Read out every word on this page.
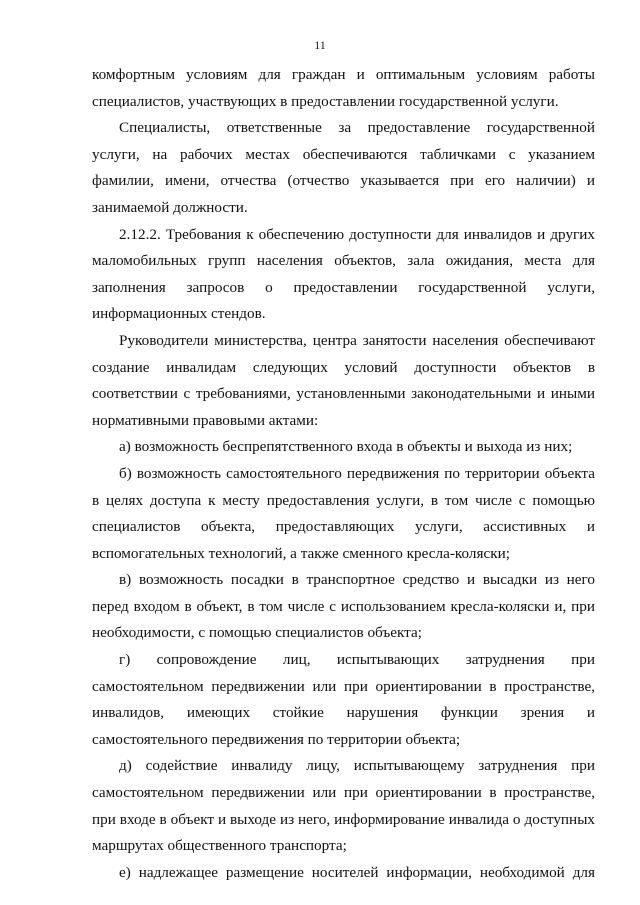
11

комфортным условиям для граждан и оптимальным условиям работы специалистов, участвующих в предоставлении государственной услуги.

Специалисты, ответственные за предоставление государственной услуги, на рабочих местах обеспечиваются табличками с указанием фамилии, имени, отчества (отчество указывается при его наличии) и занимаемой должности.

2.12.2. Требования к обеспечению доступности для инвалидов и других маломобильных групп населения объектов, зала ожидания, места для заполнения запросов о предоставлении государственной услуги, информационных стендов.

Руководители министерства, центра занятости населения обеспечивают создание инвалидам следующих условий доступности объектов в соответствии с требованиями, установленными законодательными и иными нормативными правовыми актами:

а) возможность беспрепятственного входа в объекты и выхода из них;

б) возможность самостоятельного передвижения по территории объекта в целях доступа к месту предоставления услуги, в том числе с помощью специалистов объекта, предоставляющих услуги, ассистивных и вспомогательных технологий, а также сменного кресла-коляски;

в) возможность посадки в транспортное средство и высадки из него перед входом в объект, в том числе с использованием кресла-коляски и, при необходимости, с помощью специалистов объекта;

г) сопровождение лиц, испытывающих затруднения при самостоятельном передвижении или при ориентировании в пространстве, инвалидов, имеющих стойкие нарушения функции зрения и самостоятельного передвижения по территории объекта;

д) содействие инвалиду лицу, испытывающему затруднения при самостоятельном передвижении или при ориентировании в пространстве, при входе в объект и выходе из него, информирование инвалида о доступных маршрутах общественного транспорта;

е) надлежащее размещение носителей информации, необходимой для
